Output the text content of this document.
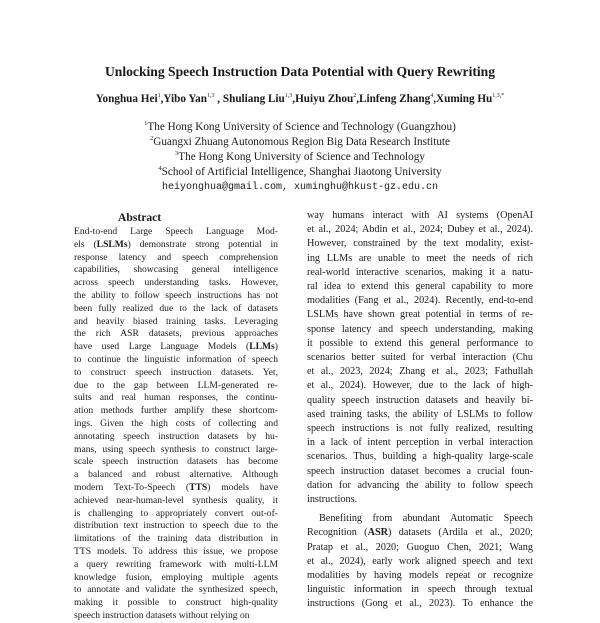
Unlocking Speech Instruction Data Potential with Query Rewriting
Yonghua Hei$^1$,Yibo Yan$^{1,3}$ , Shuliang Liu$^{1,3}$,Huiyu Zhou$^2$,Linfeng Zhang$^4$,Xuming $Hu^{1,3,*}$
$^1$The Hong Kong University of Science and Technology (Guangzhou)
$^2$Guangxi Zhuang Autonomous Region Big Data Research Institute
$^3$The Hong Kong University of Science and Technology
$^4$School of Artificial Intelligence, Shanghai Jiaotong University
heiyonghua@gmail.com, xuminghu@hkust-gz.edu.cn
Abstract
End-to-end Large Speech Language Mod-
els (LSLMs) demonstrate strong potential in
response latency and speech comprehension
capabilities, showcasing general intelligence
across speech understanding tasks. However,
the ability to follow speech instructions has not
been fully realized due to the lack of datasets
and heavily biased training tasks. Leveraging
the rich ASR datasets, previous approaches
have used Large Language Models (LLMs)
to continue the linguistic information of speech
to construct speech instruction datasets. Yet,
due to the gap between LLM-generated re-
sults and real human responses, the continu-
ation methods further amplify these shortcom-
ings. Given the high costs of collecting and
annotating speech instruction datasets by hu-
mans, using speech synthesis to construct large-
scale speech instruction datasets has become
a balanced and robust alternative. Although
modern Text-To-Speech (TTS) models have
achieved near-human-level synthesis quality, it
is challenging to appropriately convert out-of-
distribution text instruction to speech due to the
limitations of the training data distribution in
TTS models. To address this issue, we propose
a query rewriting framework with multi-LLM
knowledge fusion, employing multiple agents
to annotate and validate the synthesized speech,
making it possible to construct high-quality
speech instruction datasets without relying on
way humans interact with AI systems (OpenAI
et al., 2024; Abdin et al., 2024; Dubey et al., 2024).
However, constrained by the text modality, exist-
ing LLMs are unable to meet the needs of rich
real-world interactive scenarios, making it a natu-
ral idea to extend this general capability to more
modalities (Fang et al., 2024). Recently, end-to-end
LSLMs have shown great potential in terms of re-
sponse latency and speech understanding, making
it possible to extend this general performance to
scenarios better suited for verbal interaction (Chu
et al., 2023, 2024; Zhang et al., 2023; Fathullah
et al., 2024). However, due to the lack of high-
quality speech instruction datasets and heavily bi-
ased training tasks, the ability of LSLMs to follow
speech instructions is not fully realized, resulting
in a lack of intent perception in verbal interaction
scenarios. Thus, building a high-quality large-scale
speech instruction dataset becomes a crucial foun-
dation for advancing the ability to follow speech
instructions.
Benefiting from abundant Automatic Speech
Recognition (ASR) datasets (Ardila et al., 2020;
Pratap et al., 2020; Guoguo Chen, 2021; Wang
et al., 2024), early work aligned speech and text
modalities by having models repeat or recognize
linguistic information in speech through textual
instructions (Gong et al., 2023). To enhance the
